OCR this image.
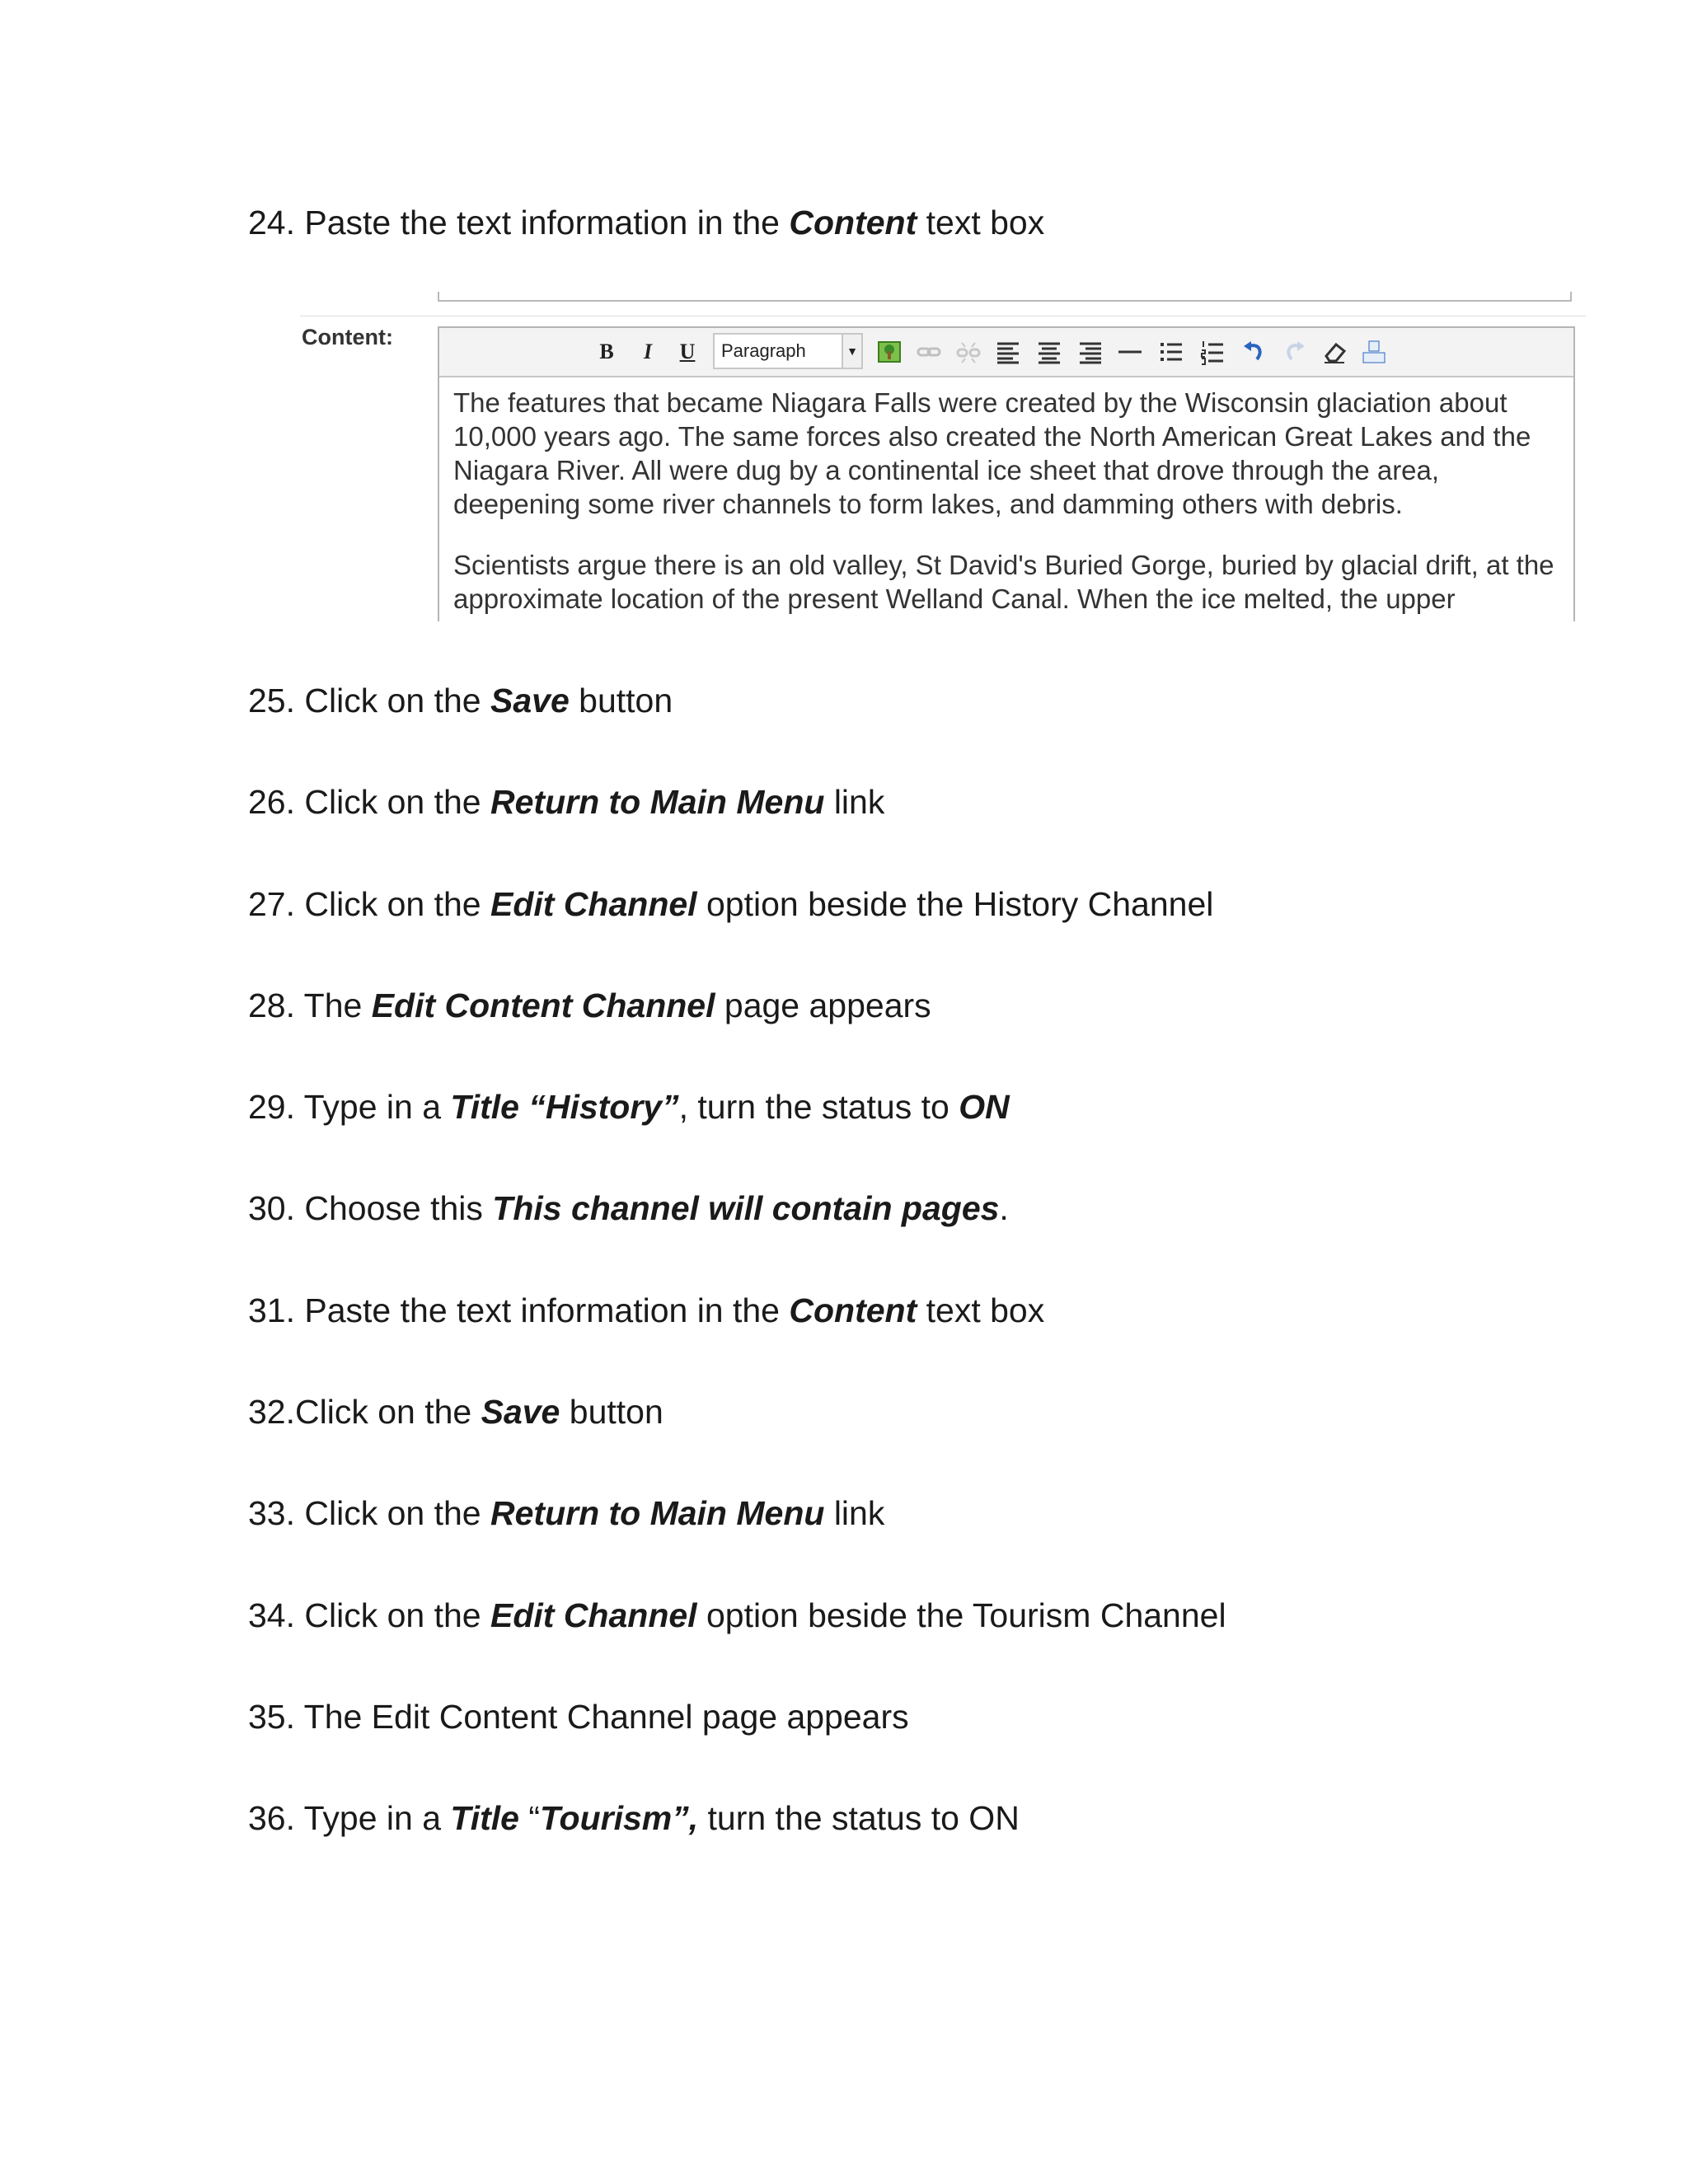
24. Paste the text information in the Content text box
Content:
B	I	U	Paragraph	▼

The features that became Niagara Falls were created by the Wisconsin glaciation about 10,000 years ago. The same forces also created the North American Great Lakes and the Niagara River. All were dug by a continental ice sheet that drove through the area, deepening some river channels to form lakes, and damming others with debris.

Scientists argue there is an old valley, St David's Buried Gorge, buried by glacial drift, at the approximate location of the present Welland Canal. When the ice melted, the upper

25. Click on the Save button
26. Click on the Return to Main Menu link
27. Click on the Edit Channel option beside the History Channel
28. The Edit Content Channel page appears
29. Type in a Title “History”, turn the status to ON
30. Choose this This channel will contain pages.
31. Paste the text information in the Content text box
32.Click on the Save button
33. Click on the Return to Main Menu link
34. Click on the Edit Channel option beside the Tourism Channel
35. The Edit Content Channel page appears
36. Type in a Title “Tourism”, turn the status to ON
